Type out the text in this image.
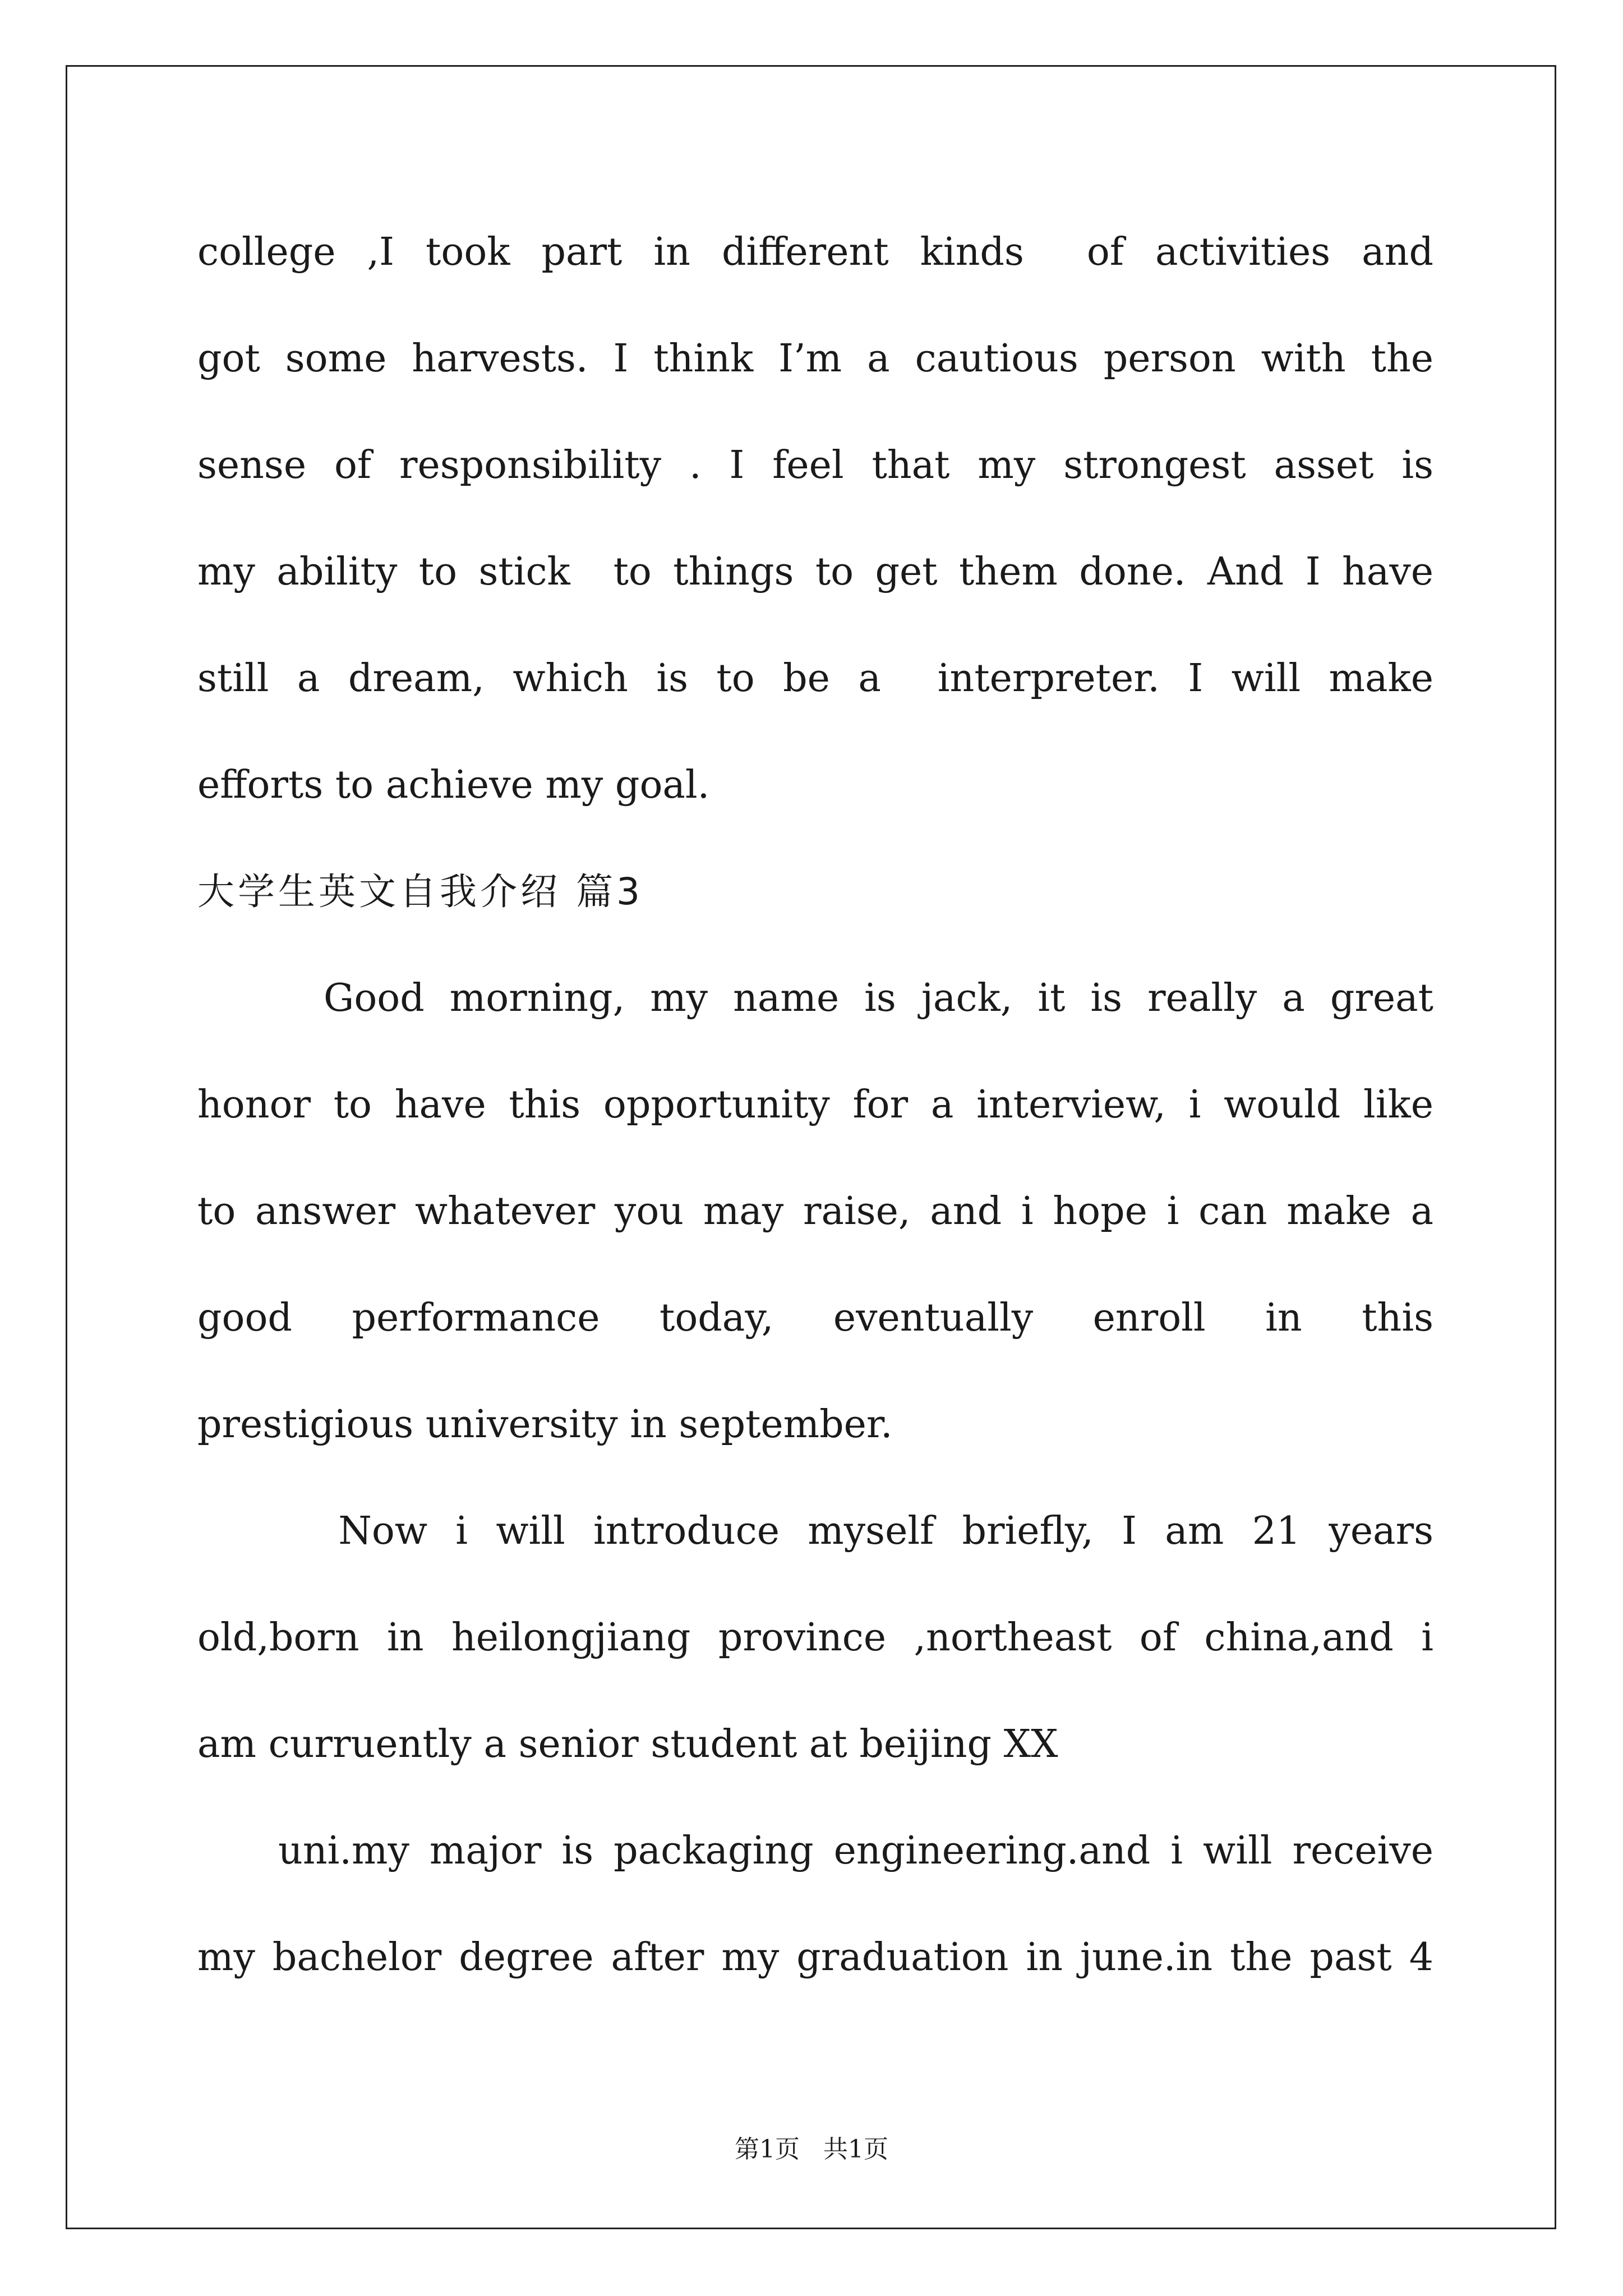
college ,I took part in different kinds  of activities and
got some harvests. I think I’m a cautious person with the
sense of responsibility . I feel that my strongest asset is
my ability to stick  to things to get them done. And I have
still a dream, which is to be a  interpreter. I will make
efforts to achieve my goal.
大学生英文自我介绍 篇3
Good morning, my name is jack, it is really a great
honor to have this opportunity for a interview, i would like
to answer whatever you may raise, and i hope i can make a
good   performance   today,   eventually   enroll   in   this
prestigious university in september.
Now i will introduce myself briefly, I am 21 years
old,born in heilongjiang province ,northeast of china,and i
am curruently a senior student at beijing XX
uni.my major is packaging engineering.and i will receive
my bachelor degree after my graduation in june.in the past 4
第1页   共1页
